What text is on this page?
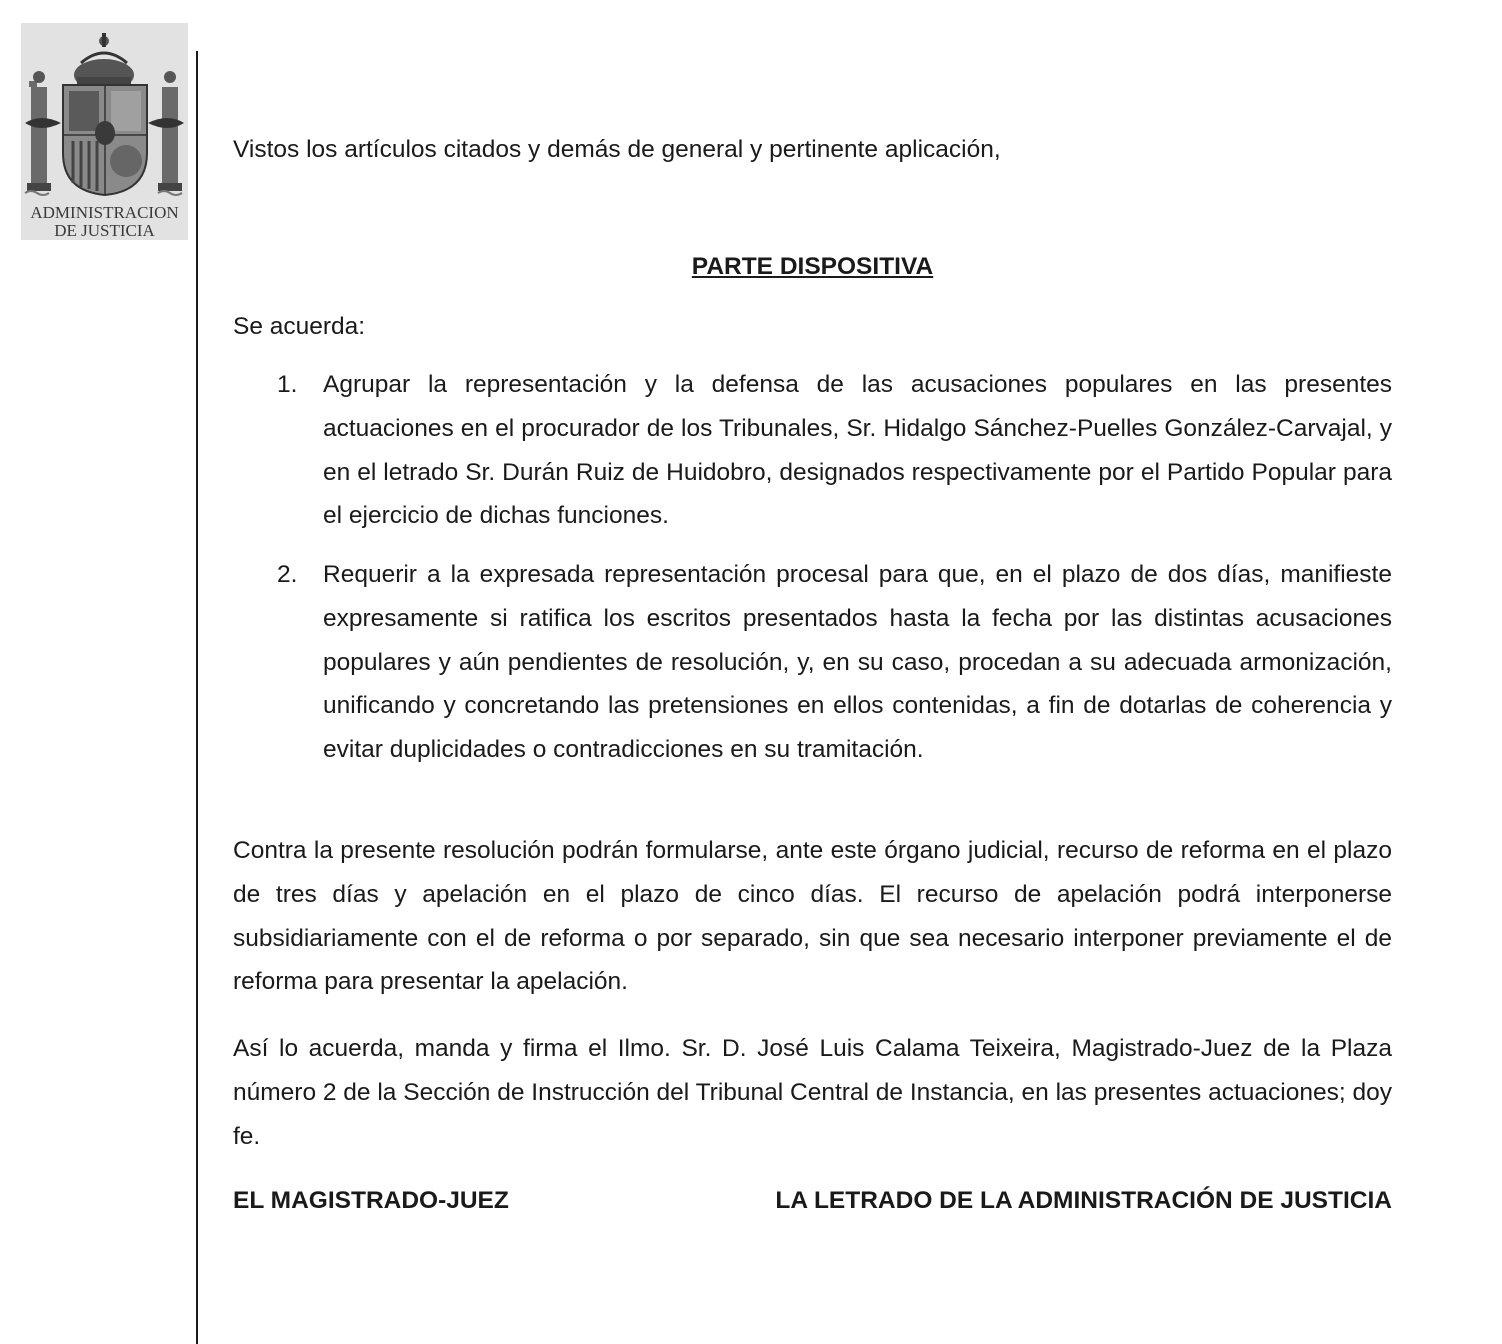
ADMINISTRACION
DE JUSTICIA
Vistos los artículos citados y demás de general y pertinente aplicación,
PARTE DISPOSITIVA
Se acuerda:
1. Agrupar la representación y la defensa de las acusaciones populares en las presentes actuaciones en el procurador de los Tribunales, Sr. Hidalgo Sánchez-Puelles González-Carvajal, y en el letrado Sr. Durán Ruiz de Huidobro, designados respectivamente por el Partido Popular para el ejercicio de dichas funciones.
2. Requerir a la expresada representación procesal para que, en el plazo de dos días, manifieste expresamente si ratifica los escritos presentados hasta la fecha por las distintas acusaciones populares y aún pendientes de resolución, y, en su caso, procedan a su adecuada armonización, unificando y concretando las pretensiones en ellos contenidas, a fin de dotarlas de coherencia y evitar duplicidades o contradicciones en su tramitación.
Contra la presente resolución podrán formularse, ante este órgano judicial, recurso de reforma en el plazo de tres días y apelación en el plazo de cinco días. El recurso de apelación podrá interponerse subsidiariamente con el de reforma o por separado, sin que sea necesario interponer previamente el de reforma para presentar la apelación.
Así lo acuerda, manda y firma el Ilmo. Sr. D. José Luis Calama Teixeira, Magistrado-Juez de la Plaza número 2 de la Sección de Instrucción del Tribunal Central de Instancia, en las presentes actuaciones; doy fe.
EL MAGISTRADO-JUEZ	LA LETRADO DE LA ADMINISTRACIÓN DE JUSTICIA
